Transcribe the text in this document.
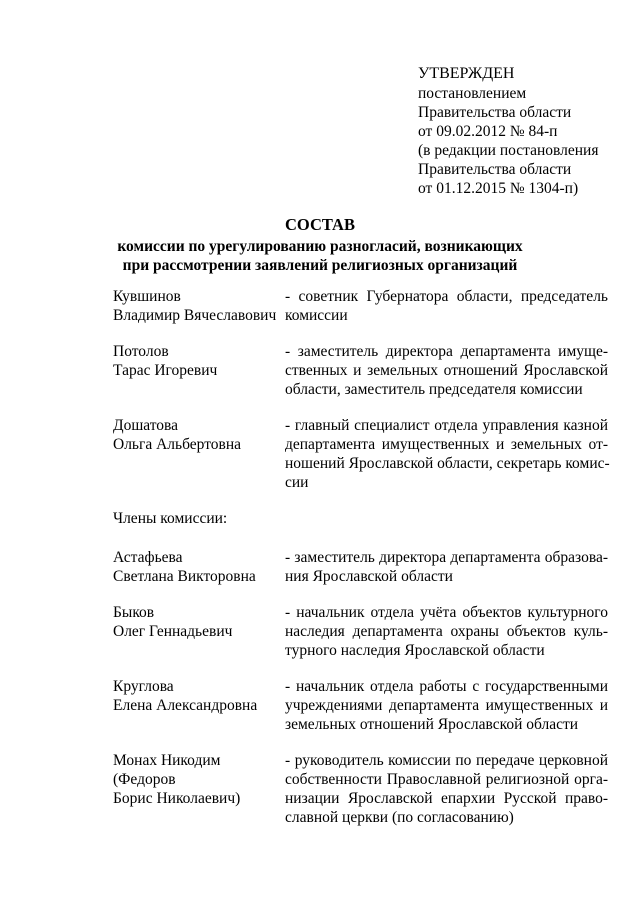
УТВЕРЖДЕН
постановлением
Правительства области
от 09.02.2012 № 84-п
(в редакции постановления
Правительства области
от 01.12.2015 № 1304-п)
СОСТАВ
комиссии по урегулированию разногласий, возникающих
при рассмотрении заявлений религиозных организаций
Кувшинов
Владимир Вячеславович
- советник Губернатора области, председатель
комиссии
Потолов
Тарас Игоревич
- заместитель директора департамента имуще-
ственных и земельных отношений Ярославской
области, заместитель председателя комиссии
Дошатова
Ольга Альбертовна
- главный специалист отдела управления казной
департамента имущественных и земельных от-
ношений Ярославской области, секретарь комис-
сии
Члены комиссии:
Астафьева
Светлана Викторовна
- заместитель директора департамента образова-
ния Ярославской области
Быков
Олег Геннадьевич
- начальник отдела учёта объектов культурного
наследия департамента охраны объектов куль-
турного наследия Ярославской области
Круглова
Елена Александровна
- начальник отдела работы с государственными
учреждениями департамента имущественных и
земельных отношений Ярославской области
Монах Никодим
(Федоров
Борис Николаевич)
- руководитель комиссии по передаче церковной
собственности Православной религиозной орга-
низации Ярославской епархии Русской право-
славной церкви (по согласованию)
